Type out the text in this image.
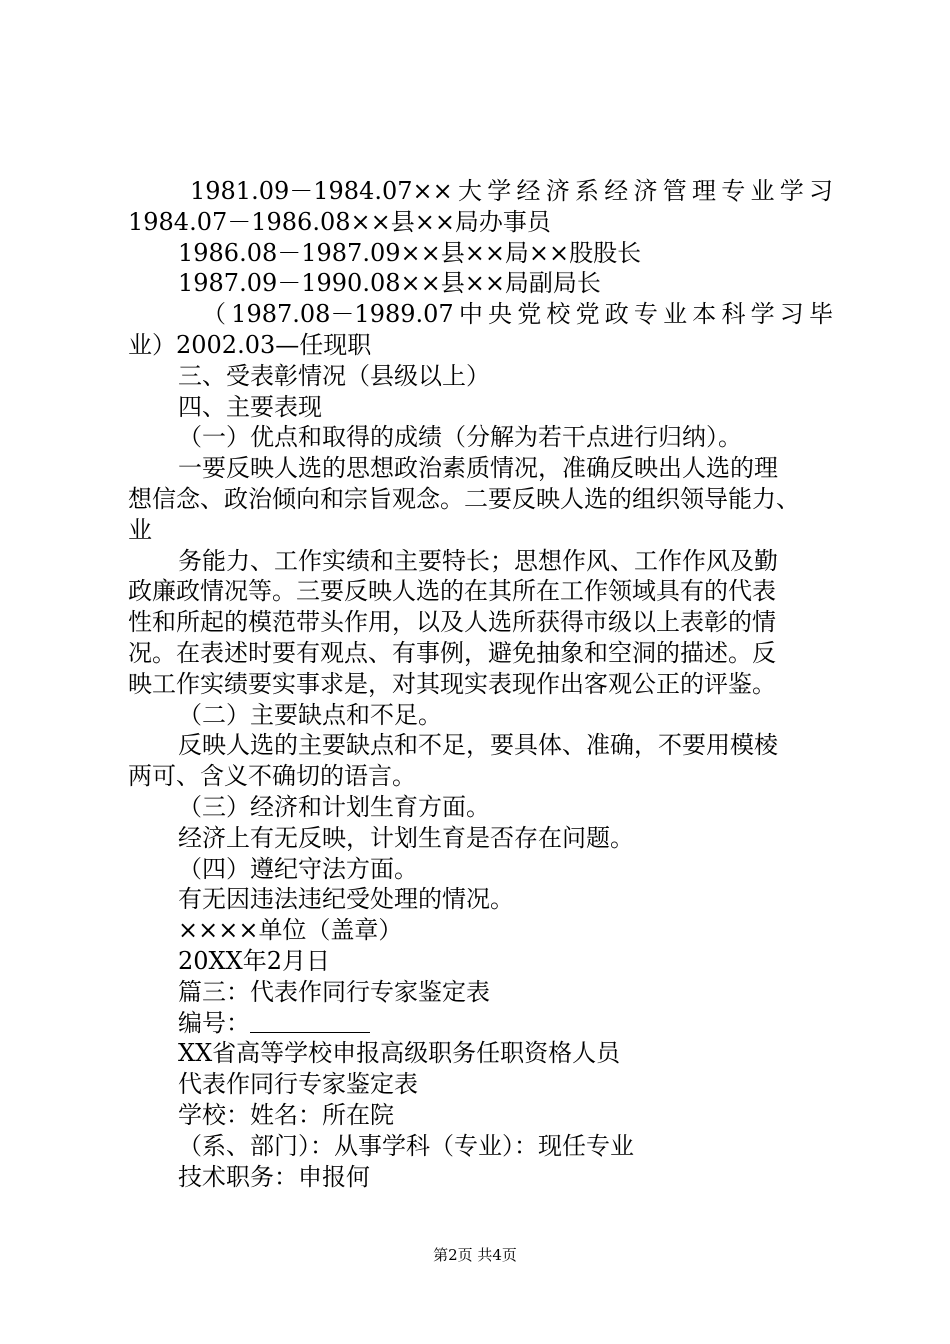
1981.09－1984.07××大学经济系经济管理专业学习
1984.07－1986.08××县××局办事员
1986.08－1987.09××县××局××股股长
1987.09－1990.08××县××局副局长
（1987.08－1989.07中央党校党政专业本科学习毕
业）2002.03—任现职
三、受表彰情况（县级以上）
四、主要表现
（一）优点和取得的成绩（分解为若干点进行归纳）。
一要反映人选的思想政治素质情况，准确反映出人选的理
想信念、政治倾向和宗旨观念。二要反映人选的组织领导能力、
业
务能力、工作实绩和主要特长；思想作风、工作作风及勤
政廉政情况等。三要反映人选的在其所在工作领域具有的代表
性和所起的模范带头作用，以及人选所获得市级以上表彰的情
况。在表述时要有观点、有事例，避免抽象和空洞的描述。反
映工作实绩要实事求是，对其现实表现作出客观公正的评鉴。
（二）主要缺点和不足。
反映人选的主要缺点和不足，要具体、准确，不要用模棱
两可、含义不确切的语言。
（三）经济和计划生育方面。
经济上有无反映，计划生育是否存在问题。
（四）遵纪守法方面。
有无因违法违纪受处理的情况。
××××单位（盖章）
20XX年2月日
篇三：代表作同行专家鉴定表
编号：
XX省高等学校申报高级职务任职资格人员
代表作同行专家鉴定表
学校：姓名：所在院
（系、部门）：从事学科（专业）：现任专业
技术职务：申报何
第2页 共4页
